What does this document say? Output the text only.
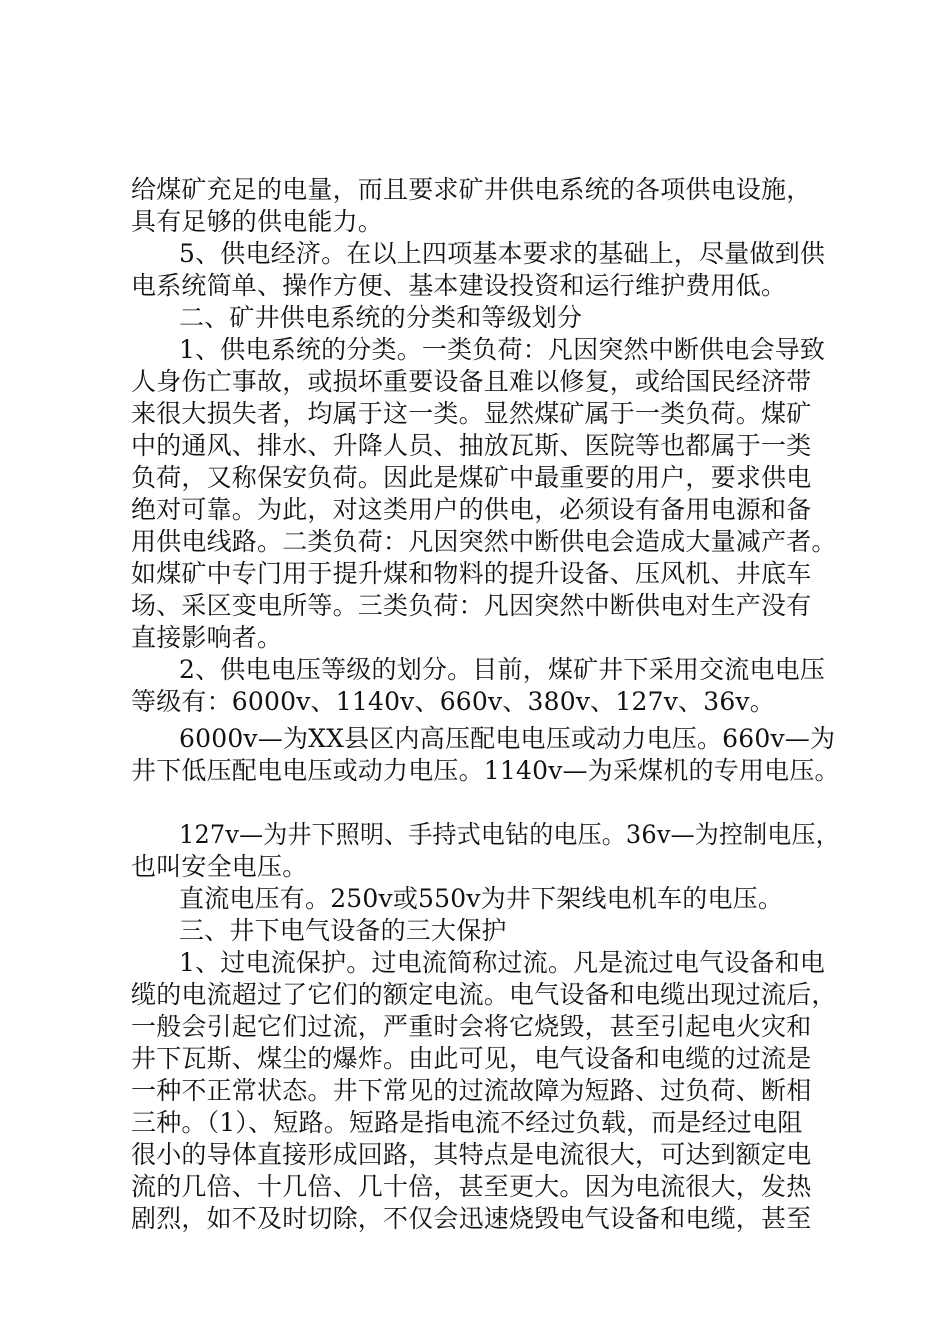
给煤矿充足的电量，而且要求矿井供电系统的各项供电设施，
具有足够的供电能力。
5、供电经济。在以上四项基本要求的基础上，尽量做到供
电系统简单、操作方便、基本建设投资和运行维护费用低。
二、矿井供电系统的分类和等级划分
1、供电系统的分类。一类负荷：凡因突然中断供电会导致
人身伤亡事故，或损坏重要设备且难以修复，或给国民经济带
来很大损失者，均属于这一类。显然煤矿属于一类负荷。煤矿
中的通风、排水、升降人员、抽放瓦斯、医院等也都属于一类
负荷，又称保安负荷。因此是煤矿中最重要的用户，要求供电
绝对可靠。为此，对这类用户的供电，必须设有备用电源和备
用供电线路。二类负荷：凡因突然中断供电会造成大量减产者。
如煤矿中专门用于提升煤和物料的提升设备、压风机、井底车
场、采区变电所等。三类负荷：凡因突然中断供电对生产没有
直接影响者。
2、供电电压等级的划分。目前，煤矿井下采用交流电电压
等级有：6000v、1140v、660v、380v、127v、36v。
6000v—为XX县区内高压配电电压或动力电压。660v—为
井下低压配电电压或动力电压。1140v—为采煤机的专用电压。
127v—为井下照明、手持式电钻的电压。36v—为控制电压，
也叫安全电压。
直流电压有。250v或550v为井下架线电机车的电压。
三、井下电气设备的三大保护
1、过电流保护。过电流简称过流。凡是流过电气设备和电
缆的电流超过了它们的额定电流。电气设备和电缆出现过流后，
一般会引起它们过流，严重时会将它烧毁，甚至引起电火灾和
井下瓦斯、煤尘的爆炸。由此可见，电气设备和电缆的过流是
一种不正常状态。井下常见的过流故障为短路、过负荷、断相
三种。（1）、短路。短路是指电流不经过负载，而是经过电阻
很小的导体直接形成回路，其特点是电流很大，可达到额定电
流的几倍、十几倍、几十倍，甚至更大。因为电流很大，发热
剧烈，如不及时切除，不仅会迅速烧毁电气设备和电缆，甚至
